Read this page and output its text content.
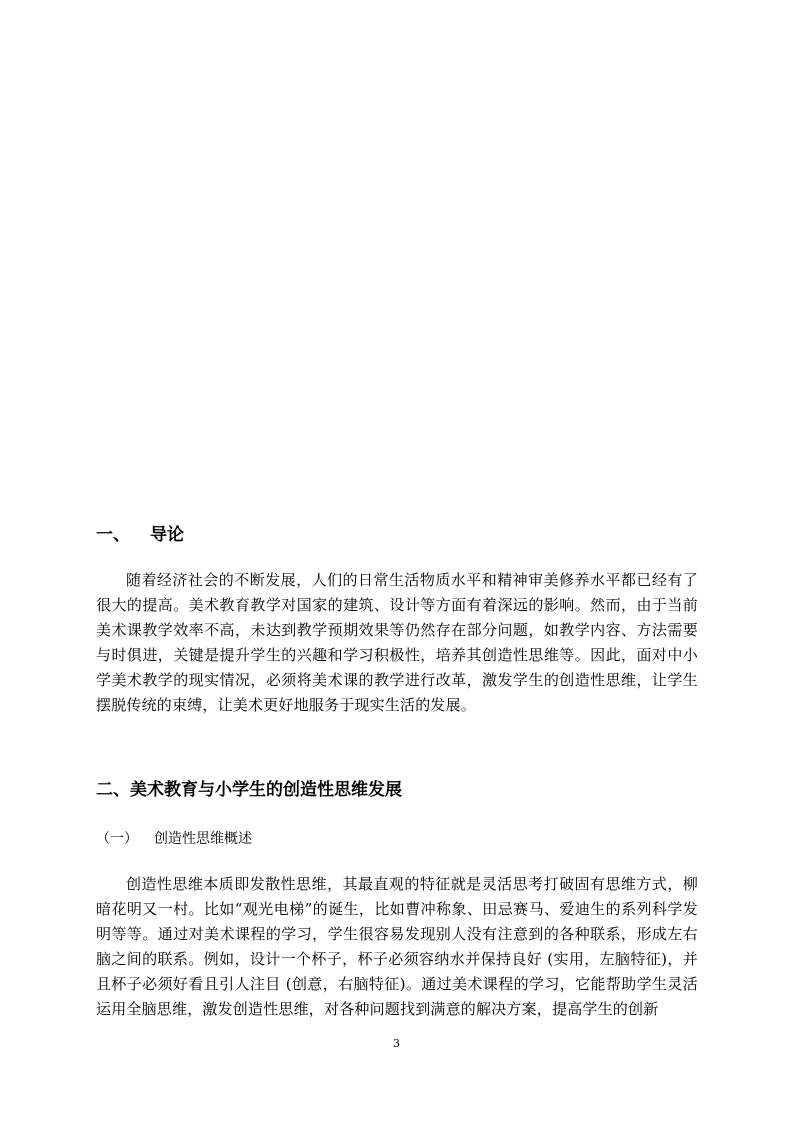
一、 导论

随着经济社会的不断发展，人们的日常生活物质水平和精神审美修养水平都已经有了很大的提高。美术教育教学对国家的建筑、设计等方面有着深远的影响。然而，由于当前美术课教学效率不高，未达到教学预期效果等仍然存在部分问题，如教学内容、方法需要与时俱进，关键是提升学生的兴趣和学习积极性，培养其创造性思维等。因此，面对中小学美术教学的现实情况，必须将美术课的教学进行改革，激发学生的创造性思维，让学生摆脱传统的束缚，让美术更好地服务于现实生活的发展。

二、美术教育与小学生的创造性思维发展
（一） 创造性思维概述

创造性思维本质即发散性思维，其最直观的特征就是灵活思考打破固有思维方式，柳暗花明又一村。比如“观光电梯”的诞生，比如曹冲称象、田忌赛马、爱迪生的系列科学发明等等。通过对美术课程的学习，学生很容易发现别人没有注意到的各种联系，形成左右脑之间的联系。例如，设计一个杯子，杯子必须容纳水并保持良好 (实用，左脑特征)，并且杯子必须好看且引人注目 (创意，右脑特征)。通过美术课程的学习，它能帮助学生灵活运用全脑思维，激发创造性思维，对各种问题找到满意的解决方案，提高学生的创新

3
